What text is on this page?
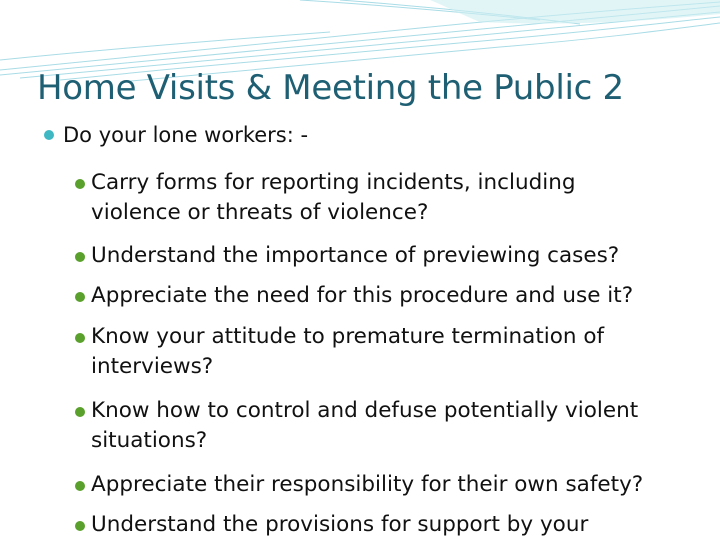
Home Visits & Meeting the Public 2
Do your lone workers: -
Carry forms for reporting incidents, including
violence or threats of violence?
Understand the importance of previewing cases?
Appreciate the need for this procedure and use it?
Know your attitude to premature termination of
interviews?
Know how to control and defuse potentially violent
situations?
Appreciate their responsibility for their own safety?
Understand the provisions for support by your
